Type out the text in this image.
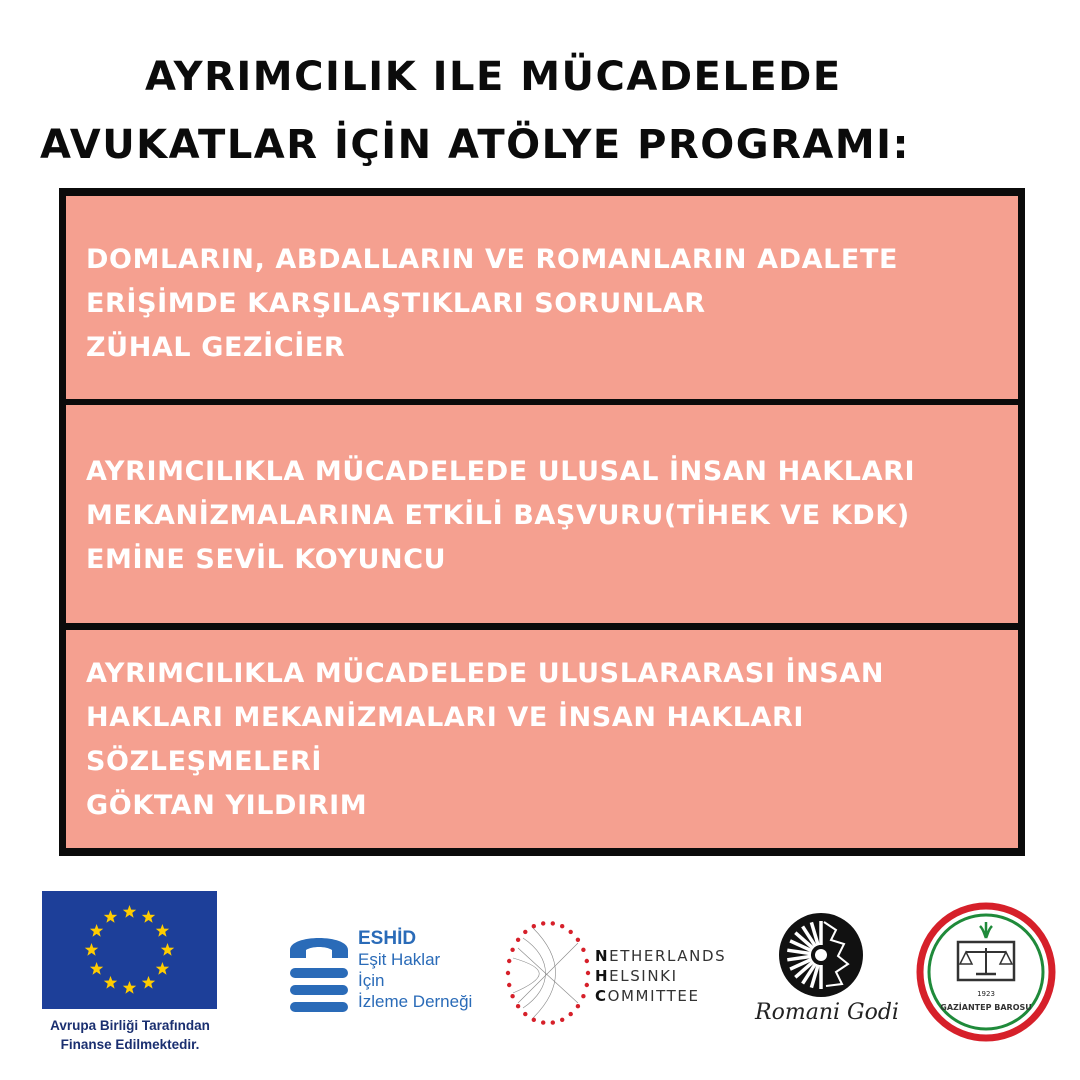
AYRIMCILIK ILE MÜCADELEDE
AVUKATLAR İÇİN ATÖLYE PROGRAMI:
DOMLARIN, ABDALLARIN VE ROMANLARIN ADALETE
ERİŞİMDE KARŞILAŞTIKLARI SORUNLAR
ZÜHAL GEZİCİER
AYRIMCILIKLA MÜCADELEDE ULUSAL İNSAN HAKLARI
MEKANİZMALARINA ETKİLİ BAŞVURU(TİHEK VE KDK)
EMİNE SEVİL KOYUNCU
AYRIMCILIKLA MÜCADELEDE ULUSLARARASI İNSAN
HAKLARI MEKANİZMALARI VE İNSAN HAKLARI
SÖZLEŞMELERİ
GÖKTAN YILDIRIM
Avrupa Birliği Tarafından
Finanse Edilmektedir.
ESHİD
Eşit Haklar
İçin
İzleme Derneği
NETHERLANDS
HELSINKI
COMMITTEE
Romani Godi
1923
GAZİANTEP BAROSU
